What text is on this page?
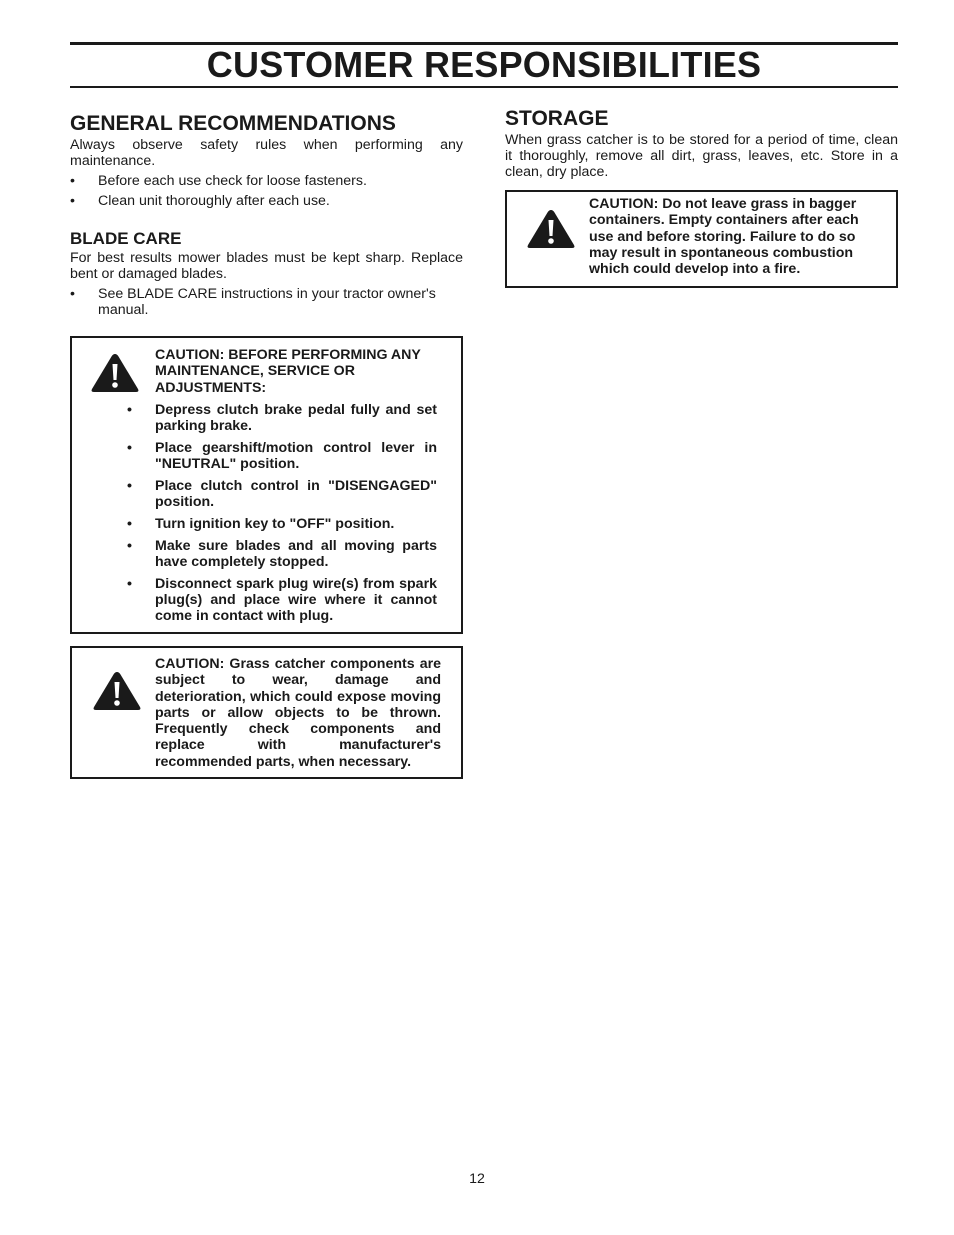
CUSTOMER RESPONSIBILITIES
GENERAL RECOMMENDATIONS

Always observe safety rules when performing any maintenance.

• Before each use check for loose fasteners.
• Clean unit thoroughly after each use.
BLADE CARE

For best results mower blades must be kept sharp. Replace bent or damaged blades.

• See BLADE CARE instructions in your tractor owner's manual.
CAUTION: BEFORE PERFORMING ANY MAINTENANCE, SERVICE OR ADJUSTMENTS:
• Depress clutch brake pedal fully and set parking brake.
• Place gearshift/motion control lever in "NEUTRAL" position.
• Place clutch control in "DISENGAGED" position.
• Turn ignition key to "OFF" position.
• Make sure blades and all moving parts have completely stopped.
• Disconnect spark plug wire(s) from spark plug(s) and place wire where it cannot come in contact with plug.
CAUTION: Grass catcher components are subject to wear, damage and deterioration, which could expose moving parts or allow objects to be thrown. Frequently check components and replace with manufacturer's recommended parts, when necessary.
STORAGE

When grass catcher is to be stored for a period of time, clean it thoroughly, remove all dirt, grass, leaves, etc. Store in a clean, dry place.

CAUTION: Do not leave grass in bagger containers. Empty containers after each use and before storing. Failure to do so may result in spontaneous combustion which could develop into a fire.
12
